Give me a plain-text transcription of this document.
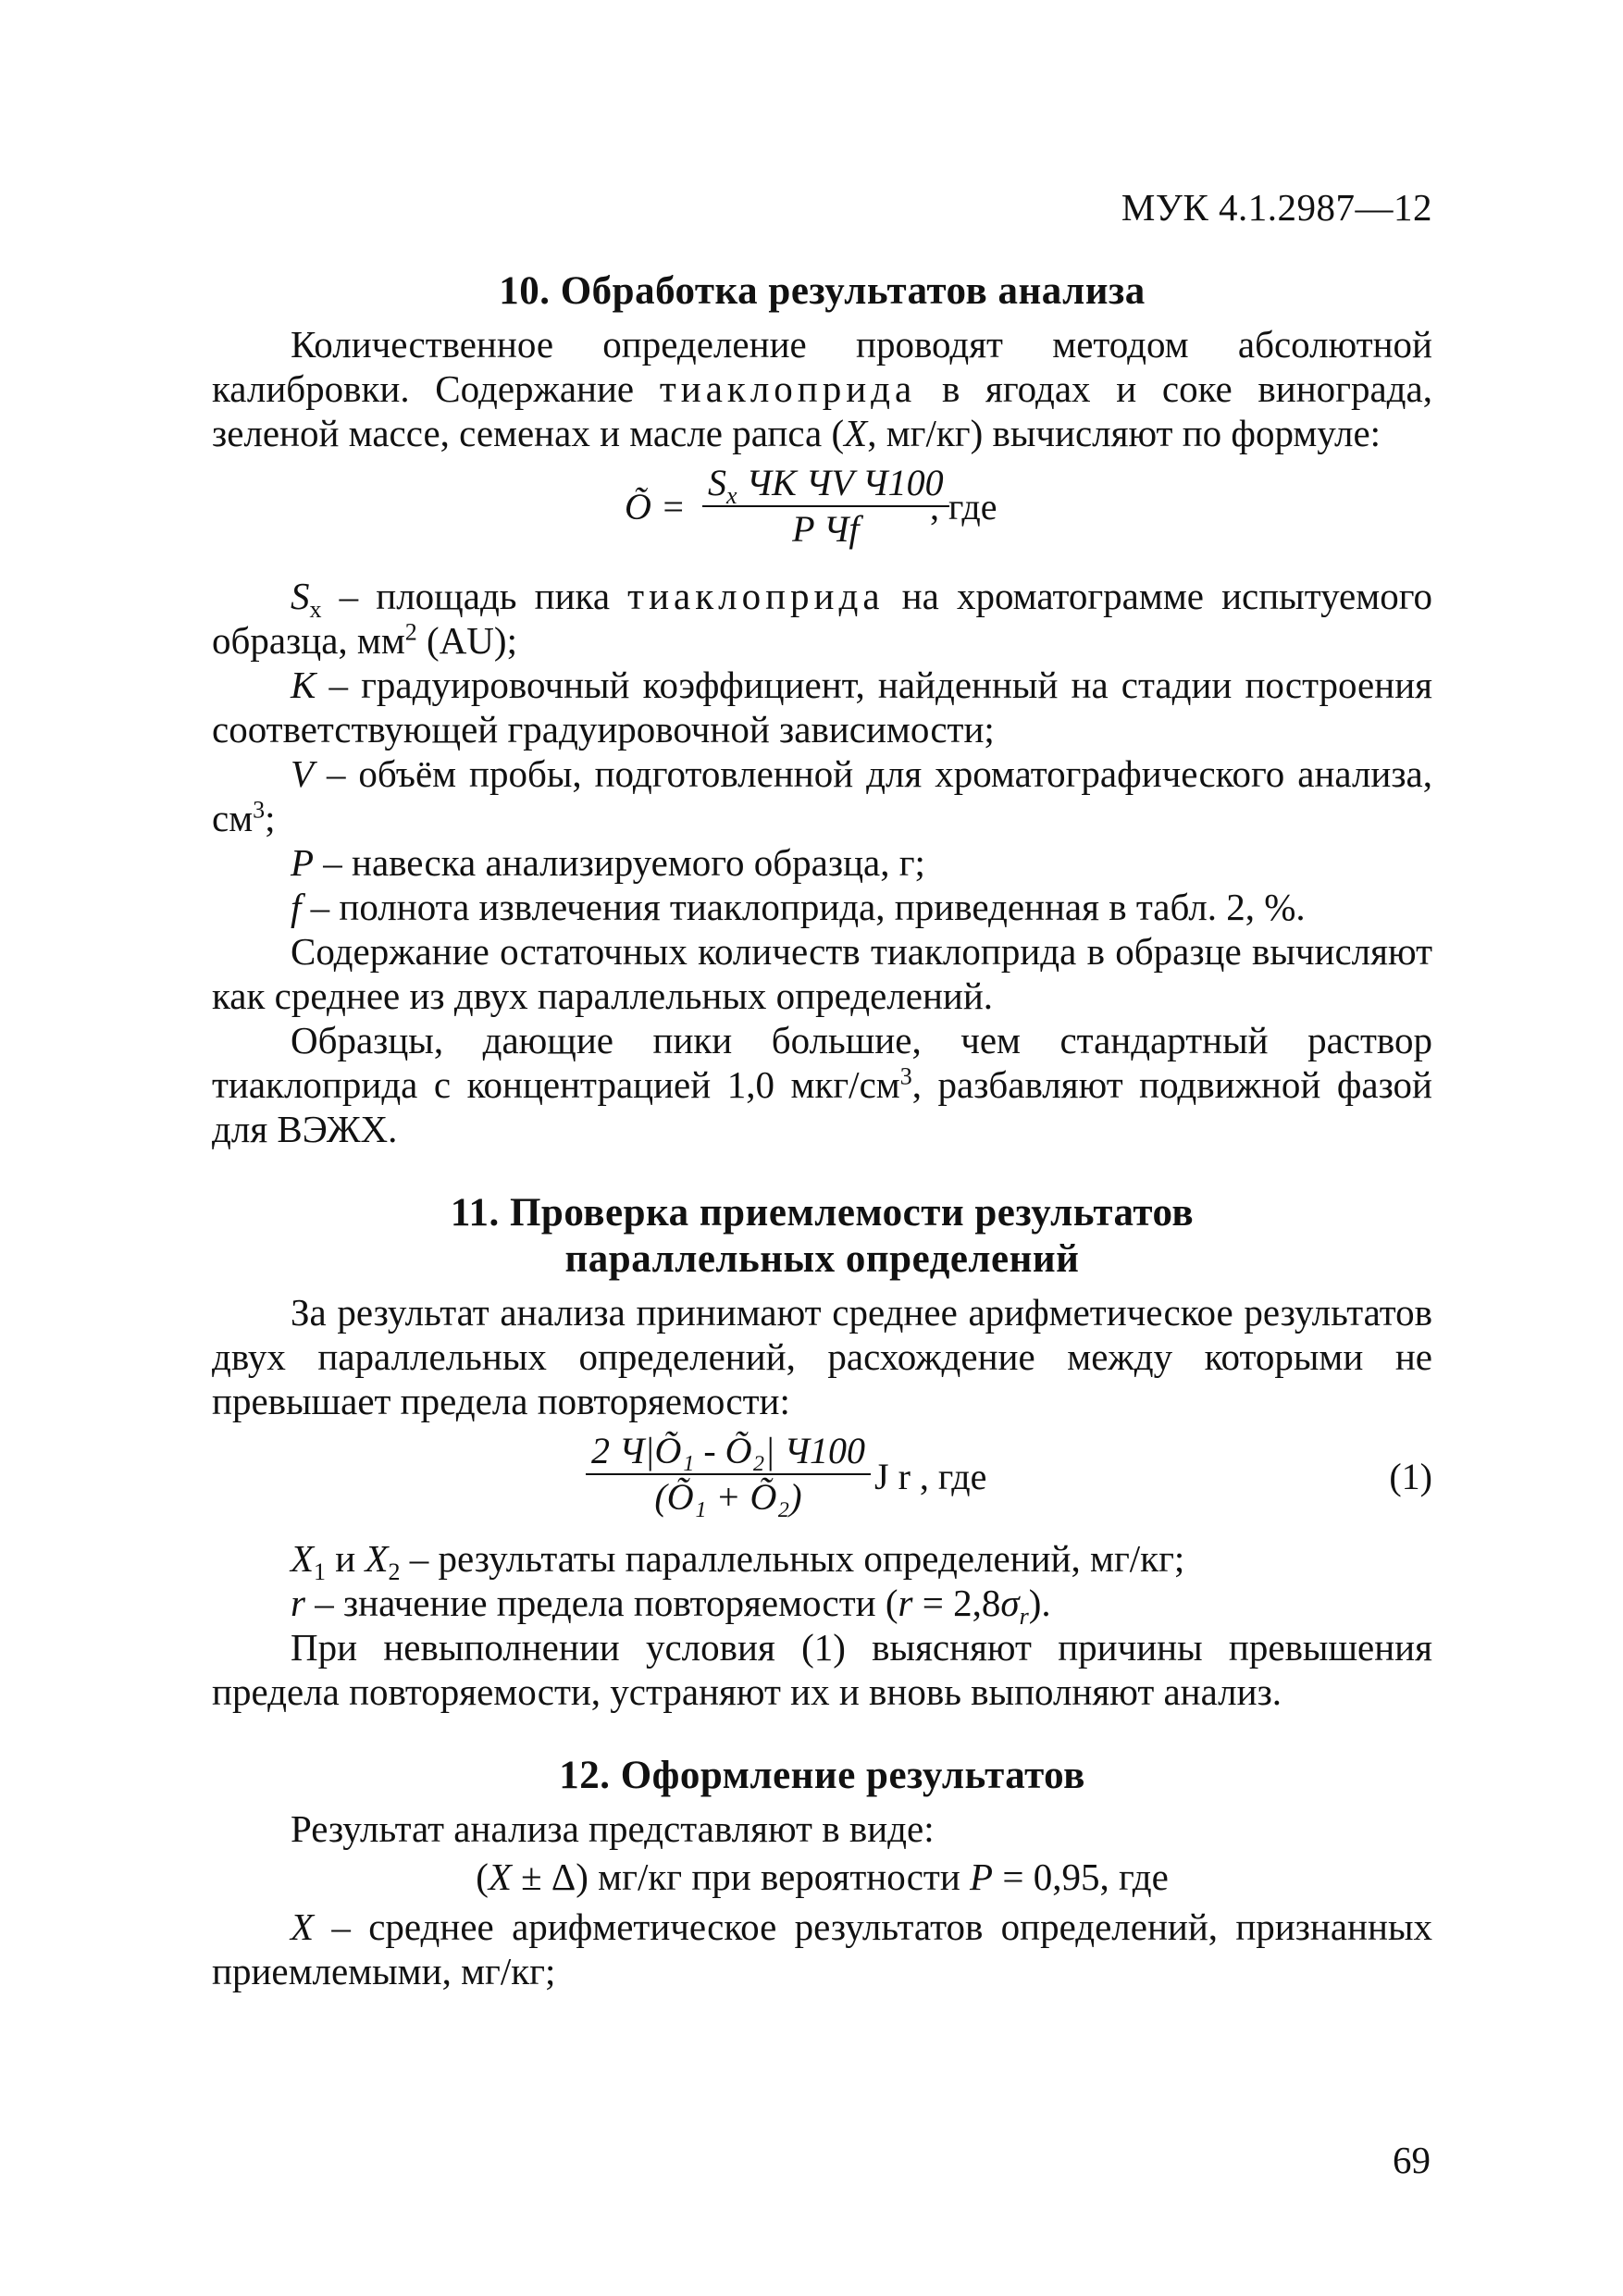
МУК 4.1.2987—12
10. Обработка результатов анализа

Количественное определение проводят методом абсолютной калибровки. Содержание тиаклоприда в ягодах и соке винограда, зеленой массе, семенах и масле рапса (X, мг/кг) вычисляют по формуле:

Õ =
$S_x$ ЧK ЧV Ч100
P Чf
, где

$S_x$ – площадь пика тиаклоприда на хроматограмме испытуемого образца, $мм^2$ (AU);

K – градуировочный коэффициент, найденный на стадии построения соответствующей градуировочной зависимости;

V – объём пробы, подготовленной для хроматографического анализа, $см^3$;

P – навеска анализируемого образца, г;

f – полнота извлечения тиаклоприда, приведенная в табл. 2, %.

Содержание остаточных количеств тиаклоприда в образце вычисляют как среднее из двух параллельных определений.

Образцы, дающие пики большие, чем стандартный раствор тиаклоприда с концентрацией 1,0 мкг/$см^3$, разбавляют подвижной фазой для ВЭЖХ.

11. Проверка приемлемости результатов
параллельных определений

За результат анализа принимают среднее арифметическое результатов двух параллельных определений, расхождение между которыми не превышает предела повторяемости:

2 Ч|Õ₁ - Õ₂| Ч100
(Õ₁ + Õ₂) J r , где	(1)

$X_1$ и $X_2$ – результаты параллельных определений, мг/кг;

r – значение предела повторяемости $(r = 2,8\sigma_r)$.

При невыполнении условия (1) выясняют причины превышения предела повторяемости, устраняют их и вновь выполняют анализ.

12. Оформление результатов

Результат анализа представляют в виде:

(X ± Δ) мг/кг при вероятности P = 0,95, где

X – среднее арифметическое результатов определений, признанных приемлемыми, мг/кг;

69
